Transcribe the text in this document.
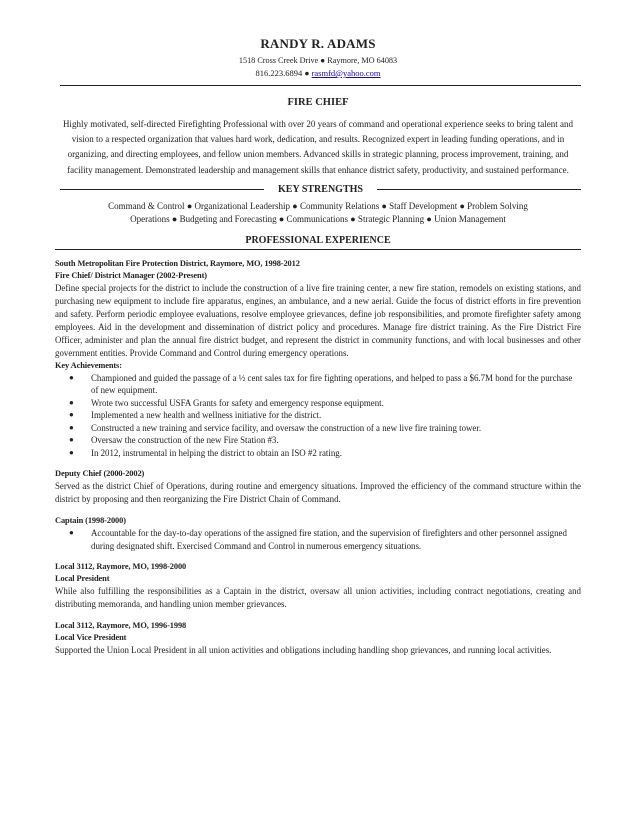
RANDY R. ADAMS
1518 Cross Creek Drive ● Raymore, MO 64083
816.223.6894 ● rasmfd@yahoo.com
FIRE CHIEF

Highly motivated, self-directed Firefighting Professional with over 20 years of command and operational experience seeks to bring talent and vision to a respected organization that values hard work, dedication, and results. Recognized expert in leading funding operations, and in organizing, and directing employees, and fellow union members. Advanced skills in strategic planning, process improvement, training, and facility management. Demonstrated leadership and management skills that enhance district safety, productivity, and sustained performance.

KEY STRENGTHS
Command & Control ● Organizational Leadership ● Community Relations ● Staff Development ● Problem Solving
Operations ● Budgeting and Forecasting ● Communications ● Strategic Planning ● Union Management
PROFESSIONAL EXPERIENCE
South Metropolitan Fire Protection District, Raymore, MO, 1998-2012
Fire Chief/ District Manager (2002-Present)

Define special projects for the district to include the construction of a live fire training center, a new fire station, remodels on existing stations, and purchasing new equipment to include fire apparatus, engines, an ambulance, and a new aerial. Guide the focus of district efforts in fire prevention and safety. Perform periodic employee evaluations, resolve employee grievances, define job responsibilities, and promote firefighter safety among employees. Aid in the development and dissemination of district policy and procedures. Manage fire district training. As the Fire District Fire Officer, administer and plan the annual fire district budget, and represent the district in community functions, and with local businesses and other government entities. Provide Command and Control during emergency operations.

Key Achievements:
● Championed and guided the passage of a ½ cent sales tax for fire fighting operations, and helped to pass a $6.7M bond for the purchase of new equipment.
● Wrote two successful USFA Grants for safety and emergency response equipment.
● Implemented a new health and wellness initiative for the district.
● Constructed a new training and service facility, and oversaw the construction of a new live fire training tower.
● Oversaw the construction of the new Fire Station #3.
● In 2012, instrumental in helping the district to obtain an ISO #2 rating.
Deputy Chief (2000-2002)

Served as the district Chief of Operations, during routine and emergency situations. Improved the efficiency of the command structure within the district by proposing and then reorganizing the Fire District Chain of Command.

Captain (1998-2000)
● Accountable for the day-to-day operations of the assigned fire station, and the supervision of firefighters and other personnel assigned during designated shift. Exercised Command and Control in numerous emergency situations.
Local 3112, Raymore, MO, 1998-2000
Local President

While also fulfilling the responsibilities as a Captain in the district, oversaw all union activities, including contract negotiations, creating and distributing memoranda, and handling union member grievances.

Local 3112, Raymore, MO, 1996-1998
Local Vice President

Supported the Union Local President in all union activities and obligations including handling shop grievances, and running local activities.
